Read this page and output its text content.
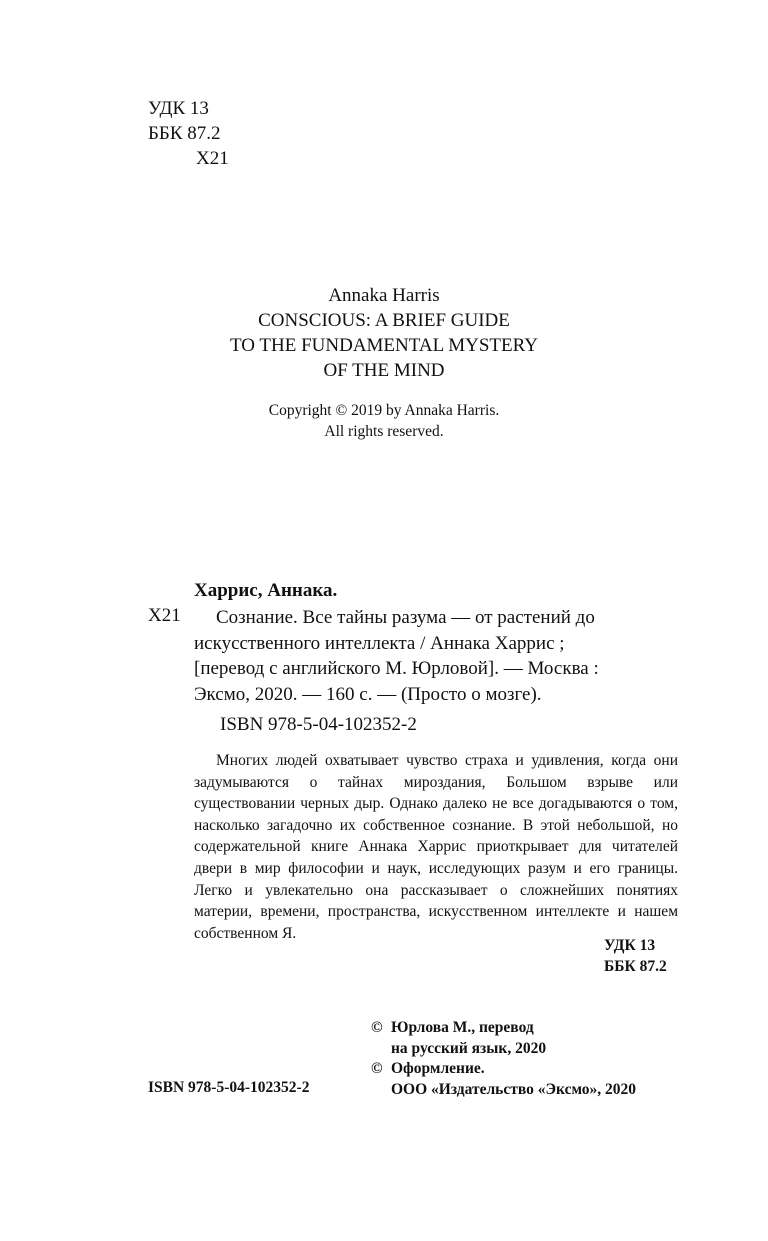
УДК 13
ББК 87.2
Х21
Annaka Harris
CONSCIOUS: A BRIEF GUIDE
TO THE FUNDAMENTAL MYSTERY
OF THE MIND
Copyright © 2019 by Annaka Harris.
All rights reserved.
Харрис, Аннака.
Х21	Сознание. Все тайны разума — от растений до

искусственного интеллекта / Аннака Харрис ;

[перевод с английского М. Юрловой]. — Москва :

Эксмо, 2020. — 160 с. — (Просто о мозге).

ISBN 978-5-04-102352-2

Многих людей охватывает чувство страха и удивления, когда они задумываются о тайнах мироздания, Большом взрыве или существовании черных дыр. Однако далеко не все догадываются о том, насколько загадочно их собственное сознание. В этой небольшой, но содержательной книге Аннака Харрис приоткрывает для читателей двери в мир философии и наук, исследующих разум и его границы. Легко и увлекательно она рассказывает о сложнейших понятиях материи, времени, пространства, искусственном интеллекте и нашем собственном Я.

УДК 13
ББК 87.2
© Юрлова М., перевод
на русский язык, 2020
© Оформление.
ООО «Издательство «Эксмо», 2020
ISBN 978-5-04-102352-2
